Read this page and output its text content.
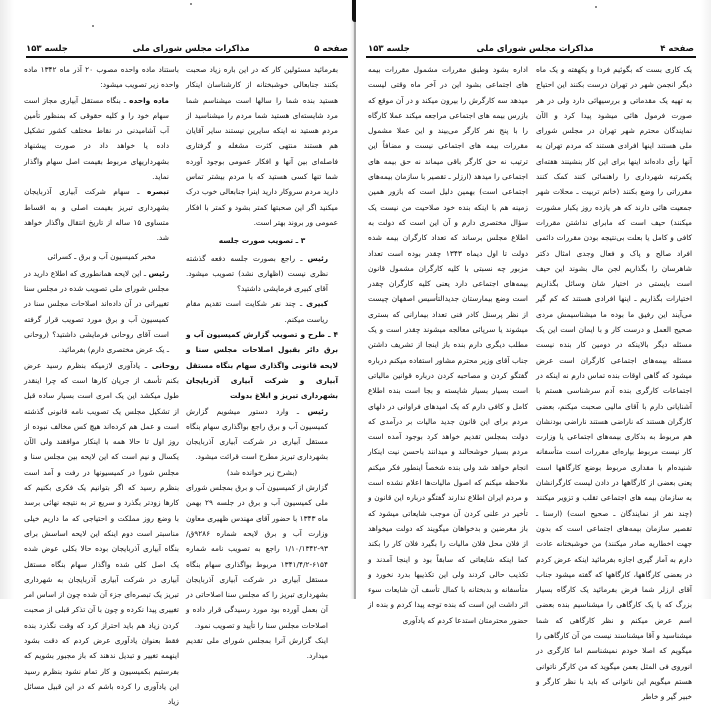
صفحه ۵
مذاکرات مجلس شورای ملی
جلسه ۱۵۳

بفرمائید مسئولین کار که در این باره زیاد صحبت بکنند جنابعالی خوشبختانه از کارشناسان اینکار هستید بنده شما را سالها است میشناسم شما مرد شایسته‌ای هستید شما مردم را میشناسید از مردم هستید نه اینکه سایرین نیستند سایر آقایان هم هستند منتهی کثرت مشغله و گرفتاری فاصله‌ای بین آنها و افکار عمومی بوجود آورده شما تنها کسی هستید که با مردم بیشتر تماس دارید مردم سروکار دارید اینرا جنابعالی خوب درک میکنید اگر این صحبتها کمتر بشود و کمتر با افکار عمومی ور بروند بهتر است.

۳ ـ تصویب صورت جلسه

رئیس ـ راجع بصورت جلسه دفعه گذشته نظری نیست (اظهاری نشد) تصویب میشود. آقای کبیری فرمایشی داشتید؟

کبیری ـ چند نفر شکایت است تقدیم مقام ریاست میکنم.

۴ ـ طرح و تصویب گزارش کمیسیون آب و برق دائر بقبول اصلاحات مجلس سنا و لایحه قانونی واگذاری سهام بنگاه مستقل آبیاری و شرکت آبیاری آذربایجان بشهرداری تبریز و ابلاغ بدولت

رئیس ـ وارد دستور میشویم گزارش کمیسیون آب و برق راجع بواگذاری سهام بنگاه مستقل آبیاری در شرکت آبیاری آذربایجان بشهرداری تبریز مطرح است قرائت میشود.

(بشرح زیر خوانده شد)

گزارش از کمیسیون آب و برق بمجلس شورای ملی کمیسیون آب و برق در جلسه ۲۹ بهمن ماه ۱۳۴۳ با حضور آقای مهندس ظهیری معاون وزارت آب و برق لایحه شماره ۹۲۸۶ق/۹۳-۱/۱۰/۱۳۴۲ راجع به تصویب نامه شماره ۶۱۵۴-۱۳۴۱/۴/۲ مربوط بواگذاری سهام بنگاه مستقل آبیاری در شرکت آبیاری آذربایجان بشهرداری تبریز را که مجلس سنا اصلاحاتی در آن بعمل آورده بود مورد رسیدگی قرار داده و اصلاحات مجلس سنا را تأیید و تصویب نمود.

اینک گزارش آنرا بمجلس شورای ملی تقدیم میدارد.

باستناد ماده واحده مصوب ۲۰ آذر ماه ۱۳۴۲ ماده واحده زیر تصویب میشود:

ماده واحده ـ بنگاه مستقل آبیاری مجاز است سهام خود را و کلیه حقوقی که بمنظور تأمین آب آشامیدنی در نقاط مختلف کشور تشکیل داده یا خواهد داد در صورت پیشنهاد بشهرداریهای مربوط بقیمت اصل سهام واگذار نماید.

تبصره ـ سهام شرکت آبیاری آذربایجان بشهرداری تبریز بقیمت اصلی و به اقساط متساوی ۱۵ ساله از تاریخ انتقال واگذار خواهد شد.

مخبر کمیسیون آب و برق ـ کسرائی

رئیس ـ این لایحه همانطوری که اطلاع دارید در مجلس شورای ملی تصویب شده در مجلس سنا تغییراتی در آن داده‌اند اصلاحات مجلس سنا در کمیسیون آب و برق مورد تصویب قرار گرفته است آقای روحانی فرمایشی داشتید؟ (روحانی ـ یک عرض مختصری دارم) بفرمائید.

روحانی ـ یادآوری لازمیکه بنظرم رسید عرض بکنم تأسف از جریان کارها است که چرا اینقدر طول میکشد این یک امری است بسیار ساده قبل از تشکیل مجلس یک تصویب نامه قانونی گذشته است و عمل هم کرده‌اند هیچ کس مخالف نبوده از روز اول تا حالا همه با اینکار موافقند ولی الآن یکسال و نیم است که این لایحه بین مجلس سنا و مجلس شورا در کمیسیونها در رفت و آمد است بنظرم رسید که اگر بتوانیم یک فکری بکنیم که کارها زودتر بگذرد و سریع تر به نتیجه نهائی برسد با وضع روز مملکت و احتیاجی که ما داریم خیلی مناسبتر است دوم اینکه این لایحه اساسش برای بنگاه آبیاری آذربایجان بوده حالا بکلی عوض شده یک اصل کلی شده واگذار سهام بنگاه مستقل آبیاری در شرکت آبیاری آذربایجان به شهرداری تبریز یک تبصره‌ای جزء آن شده چون از اساس امر تغییری پیدا نکرده و چون با آن تذکر قبلی از صحبت کردن زیاد هم باید احتراز کرد که وقت نگذرد بنده فقط بعنوان یادآوری عرض کردم که دقت بشود اینهمه تغییر و تبدیل ندهند که باز مجبور بشویم که بفرستیم بکمیسیون و کار تمام نشود بنظرم رسید این یادآوری را کرده باشم که در این قبیل مسائل زیاد

صفحه ۴
مذاکرات مجلس شورای ملی
جلسه ۱۵۳

یک کاری بست که بگوئیم فردا و یکهفته و یک ماه دیگر انجمن شهر در تهران درست بکنند این احتیاج به تهیه یک مقدماتی و بررسیهائی دارد ولی در هر صورت فرمول هائی میشود پیدا کرد و الآن نمایندگان محترم شهر تهران در مجلس شورای ملی هستند اینها افرادی هستند که مردم تهران به آنها رأی داده‌اند اینها برای این کار بنشینند هفته‌ای یکمرتبه شهرداری را راهنمائی کنند کمک کنند مقرراتی را وضع بکنند (خانم تربیت ـ محلات شهر جمعیت هائی دارند که هر یازده روز یکبار مشورت میکنند) حیف است که مابرای نداشتن مقررات کافی و کامل یا بعلت بی‌نتیجه بودن مقررات دائمی افراد صالح و پاک و فعال وجدی امثال دکتر شاهرسان را بگذاریم لجن مال بشوند این حیف است بایستی در اختیار شان وسائل بگذاریم اختیارات بگذاریم ـ اینها افرادی هستند که کم گیر می‌آیند این رفیق ما بوده ما میشناسیمش مردی صحیح العمل و درست کار و با ایمان است این یک مسئله دیگر بالاینکه در دومین کار بنده نیست مسئله بیمه‌های اجتماعی کارگران است عرض میشود که گاهی اوقات بنده تماس دارم نه اینکه در اجتماعات کارگری بنده آدم سرشناسی هستم با آشنایانی دارم با آقای مالیی صحبت میکنم، بعضی کارگران هستند که ناراضی هستند ناراضی بودنشان هم مربوط به بدکاری بیمه‌های اجتماعی یا وزارت کار نیست مربوط بپاره‌ای مقررات است متأسفانه شنیده‌ام با مقداری مربوط بوضع کارگاهها است یعنی بعضی از کارگاهها در دادن لیست کارگرانشان به سازمان بیمه های اجتماعی تقلب و تزویر میکنند (چند نفر از نمایندگان ـ صحیح است) (ارسنا ـ تقصیر سازمان بیمه‌های اجتماعی است که بدون جهت اخطاریه صادر میکنند) من خوشبختانه عادت دارم به آمار گیری اجازه بفرمائید اینکه عرض کردم در بعضی کارگاهها، کارگاهها که گفته میشود جناب آقای ارزلر شما فرض بفرمائید یک کارگاه بسیار بزرگ که یا یک کارگاهی را میشناسیم بنده بعضی اسم عرض میکنم و نظر کارگاهی که شما میشناسید و آقا میشناسند نیست من آن کارگاهی را میگویم که اصلا خودم نمیشناسم اما کارگری در انوروی فی المثل بعمن میگوید که من کارگر ناتوانی هستم میگویم این ناتوانی که باید با نظر کارگر و خبیر گیر و خاطر

اداره بشود وطبق مقررات مشمول مقررات بیمه های اجتماعی بشود این در آخر ماه وقتی لیست میدهد سه کارگرش را بیرون میکند و در آن موقع که بازرس بیمه های اجتماعی مراجعه میکند عملا کارگاه را با پنج نفر کارگر می‌بیند و این عملا مشمول مقررات بیمه های اجتماعی نیست و مضافاً این ترتیب نه حق کارگر باقی میماند نه حق بیمه های اجتماعی را میدهد (ارزلر ـ تقصیر با سازمان بیمه‌های اجتماعی است) بهمین دلیل است که بازور همین زمینه هم با اینکه بنده خود صلاحیت من نیست یک سؤال مختصری دارم و آن این است که دولت به اطلاع مجلس برساند که تعداد کارگران بیمه شده دولت تا اول دیماه ۱۳۴۳ چقدر بوده است تعداد مزبور چه نسبتی با کلیه کارگران مشمول قانون بیمه‌های اجتماعی دارد یعنی کلیه کارگران چقدر است وضع بیمارستان جدیدالتأسیس اصفهان چیست از نظر پرسنل کادر فنی تعداد بیمارانی که بستری میشوند یا سرپائی معالجه میشوند چقدر است و یک مطلب دیگری دارم بنده باز اینجا از تشریف داشتن جناب آقای وزیر محترم مشاور استفاده میکنم درباره گفتگو کردن و مصاحبه کردن درباره قوانین مالیاتی است بسیار بسیار شایسته و بجا است بنده اطلاع کامل و کافی دارم که یک امیدهای فراوانی در دلهای مردم برای این قانون جدید مالیات بر درآمدی که دولت بمجلس تقدیم خواهد کرد بوجود آمده است مردم بسیار خوشحالند و میدانند باحسن نیت اینکار انجام خواهد شد ولی بنده شخصاً اینطور فکر میکنم ملاحظه میکنم که اصول مالیات‌ها اعلام نشده است و مردم ایران اطلاع ندارند گفتگو درباره این قانون و تأخیر در علنی کردن آن موجب شایعاتی میشود که باز مغرضین و بدخواهان میگویند که دولت میخواهد از فلان محل فلان مالیات را بگیرد فلان کار را بکند کما اینکه شایعاتی که سابقاً بود و اینجا آمدند و تکذیب حالی کردند ولی این تکذیبها بدرد نخورد و متأسفانه و بدبختانه با کمال تأسف آن شایعات سوء اثر داشت این است که بنده توجه پیدا کردم و بنده از حضور محترمتان استدعا کردم که یادآوری
